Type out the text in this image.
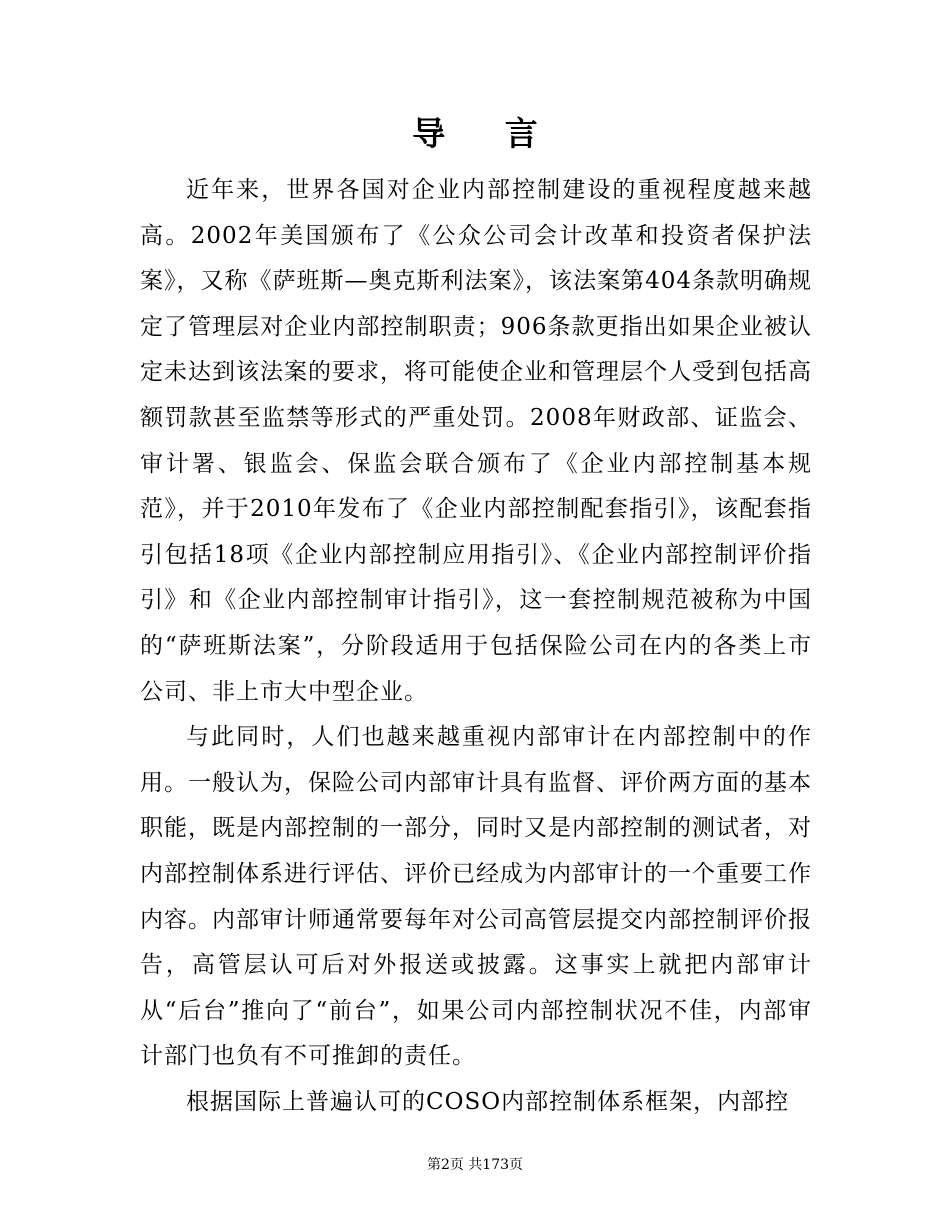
导 言

近年来，世界各国对企业内部控制建设的重视程度越来越高。2002年美国颁布了《公众公司会计改革和投资者保护法案》，又称《萨班斯—奥克斯利法案》，该法案第404条款明确规定了管理层对企业内部控制职责；906条款更指出如果企业被认定未达到该法案的要求，将可能使企业和管理层个人受到包括高额罚款甚至监禁等形式的严重处罚。2008年财政部、证监会、审计署、银监会、保监会联合颁布了《企业内部控制基本规范》，并于2010年发布了《企业内部控制配套指引》，该配套指引包括18项《企业内部控制应用指引》、《企业内部控制评价指引》和《企业内部控制审计指引》，这一套控制规范被称为中国的“萨班斯法案”，分阶段适用于包括保险公司在内的各类上市公司、非上市大中型企业。

与此同时，人们也越来越重视内部审计在内部控制中的作用。一般认为，保险公司内部审计具有监督、评价两方面的基本职能，既是内部控制的一部分，同时又是内部控制的测试者，对内部控制体系进行评估、评价已经成为内部审计的一个重要工作内容。内部审计师通常要每年对公司高管层提交内部控制评价报告，高管层认可后对外报送或披露。这事实上就把内部审计从“后台”推向了“前台”，如果公司内部控制状况不佳，内部审计部门也负有不可推卸的责任。

根据国际上普遍认可的COSO内部控制体系框架，内部控

第2页 共173页
